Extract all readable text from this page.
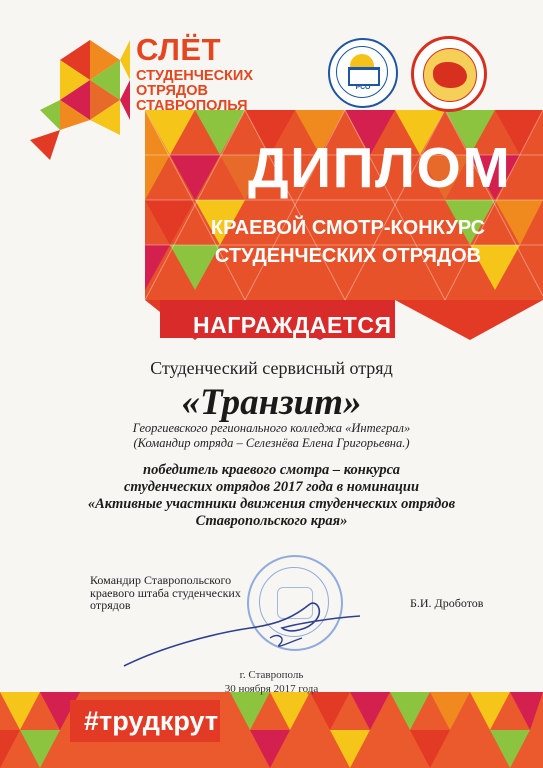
СЛЁТ
СТУДЕНЧЕСКИХ
ОТРЯДОВ
СТАВРОПОЛЬЯ
РСО
ДИПЛОМ
КРАЕВОЙ СМОТР-КОНКУРС
СТУДЕНЧЕСКИХ ОТРЯДОВ
НАГРАЖДАЕТСЯ
Студенческий сервисный отряд
«Транзит»
Георгиевского регионального колледжа «Интеграл»
(Командир отряда – Селезнёва Елена Григорьевна.)
победитель краевого смотра – конкурса
студенческих отрядов 2017 года в номинации
«Активные участники движения студенческих отрядов
Ставропольского края»
Командир Ставропольского
краевого штаба студенческих
отрядов	Б.И. Дроботов
г. Ставрополь
30 ноября 2017 года
#трудкрут
